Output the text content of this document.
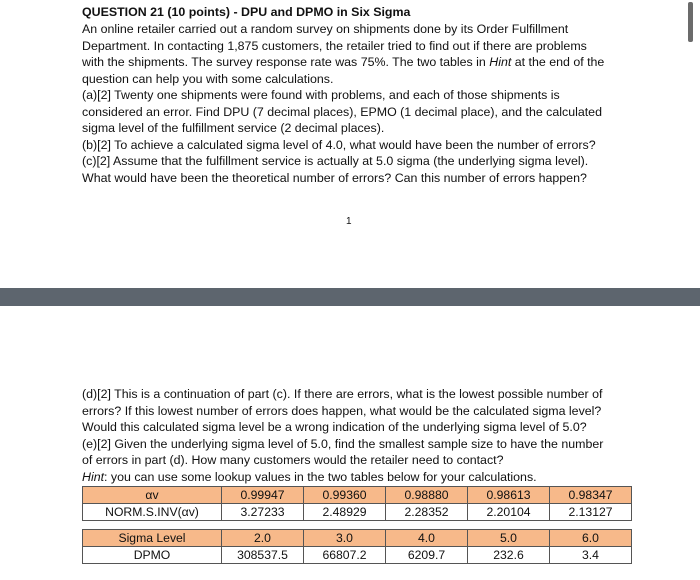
QUESTION 21 (10 points) - DPU and DPMO in Six Sigma
An online retailer carried out a random survey on shipments done by its Order Fulfillment
Department. In contacting 1,875 customers, the retailer tried to find out if there are problems
with the shipments. The survey response rate was 75%. The two tables in Hint at the end of the
question can help you with some calculations.
(a)[2] Twenty one shipments were found with problems, and each of those shipments is
considered an error. Find DPU (7 decimal places), EPMO (1 decimal place), and the calculated
sigma level of the fulfillment service (2 decimal places).
(b)[2] To achieve a calculated sigma level of 4.0, what would have been the number of errors?
(c)[2] Assume that the fulfillment service is actually at 5.0 sigma (the underlying sigma level).
What would have been the theoretical number of errors? Can this number of errors happen?
1
(d)[2] This is a continuation of part (c). If there are errors, what is the lowest possible number of
errors? If this lowest number of errors does happen, what would be the calculated sigma level?
Would this calculated sigma level be a wrong indication of the underlying sigma level of 5.0?
(e)[2] Given the underlying sigma level of 5.0, find the smallest sample size to have the number
of errors in part (d). How many customers would the retailer need to contact?
Hint: you can use some lookup values in the two tables below for your calculations.
αv	0.99947	0.99360	0.98880	0.98613	0.98347
NORM.S.INV(αv)	3.27233	2.48929	2.28352	2.20104	2.13127
Sigma Level	2.0	3.0	4.0	5.0	6.0
DPMO	308537.5	66807.2	6209.7	232.6	3.4
